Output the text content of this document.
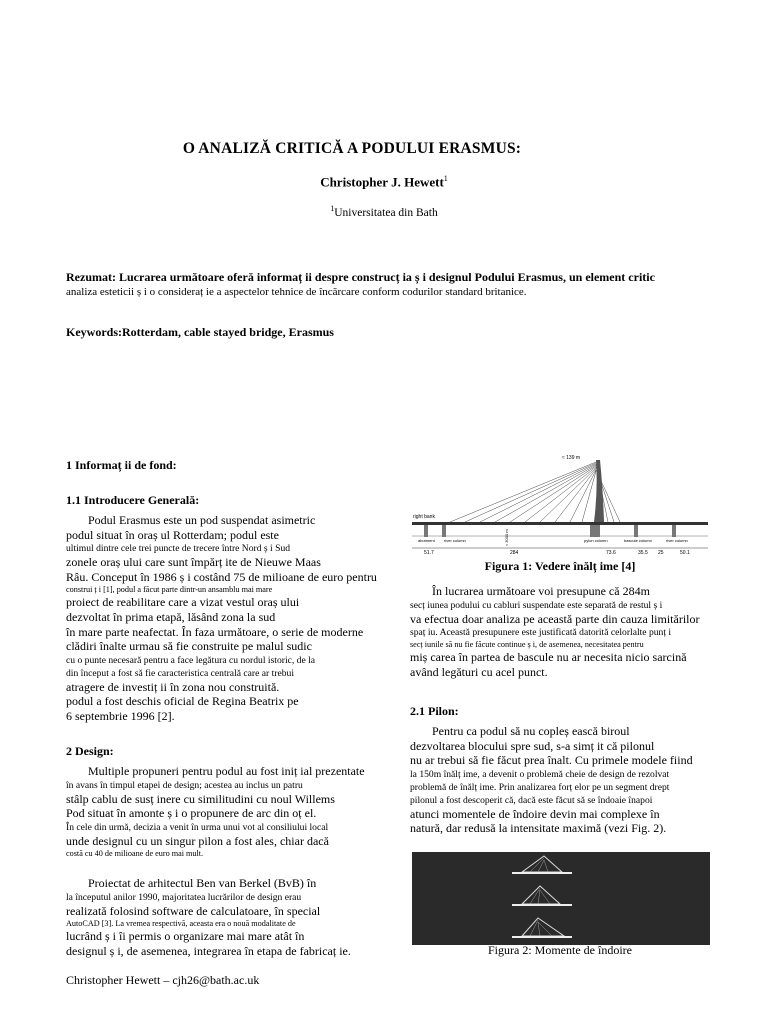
O ANALIZĂ CRITICĂ A PODULUI ERASMUS:
Christopher J. Hewett$^1$
$^1$Universitatea din Bath
Rezumat: Lucrarea următoare oferă informaț ii despre construcț ia ș i designul Podului Erasmus, un element critic
analiza esteticii ș i o consideraț ie a aspectelor tehnice de încărcare conform codurilor standard britanice.
Keywords:Rotterdam, cable stayed bridge, Erasmus
1 Informaț ii de fond:
1.1 Introducere Generală:
Podul Erasmus este un pod suspendat asimetric
podul situat în oraș ul Rotterdam; podul este
ultimul dintre cele trei puncte de trecere între Nord ș i Sud
zonele oraș ului care sunt împărț ite de Nieuwe Maas
Râu. Conceput în 1986 ș i costând 75 de milioane de euro pentru
construi ț i [1], podul a făcut parte dintr-un ansamblu mai mare
proiect de reabilitare care a vizat vestul oraș ului
dezvoltat în prima etapă, lăsând zona la sud
în mare parte neafectat. În faza următoare, o serie de moderne
clădiri înalte urmau să fie construite pe malul sudic
cu o punte necesară pentru a face legătura cu nordul istoric, de la
din început a fost să fie caracteristica centrală care ar trebui
atragere de investiț ii în zona nou construită.
podul a fost deschis oficial de Regina Beatrix pe
6 septembrie 1996 [2].
2 Design:
Multiple propuneri pentru podul au fost iniț ial prezentate
în avans în timpul etapei de design; acestea au inclus un patru
stâlp cablu de susț inere cu similitudini cu noul Willems
Pod situat în amonte ș i o propunere de arc din oț el.
În cele din urmă, decizia a venit în urma unui vot al consiliului local
unde designul cu un singur pilon a fost ales, chiar dacă
costă cu 40 de milioane de euro mai mult.
Proiectat de arhitectul Ben van Berkel (BvB) în
la începutul anilor 1990, majoritatea lucrărilor de design erau
realizată folosind software de calculatoare, în special
AutoCAD [3]. La vremea respectivă, aceasta era o nouă modalitate de
lucrând ș i îi permis o organizare mai mare atât în
designul ș i, de asemenea, integrarea în etapa de fabricaț ie.
≈ 139 m
right bank
abutment river column	pylon column	bascule column	river column
≈ 3000 m
51.7	284	73.6	35.5 25	50.1
Figura 1: Vedere înălț ime [4]
În lucrarea următoare voi presupune că 284m
secț iunea podului cu cabluri suspendate este separată de restul ș i
va efectua doar analiza pe această parte din cauza limitărilor
spaț iu. Această presupunere este justificată datorită celorlalte punț i
secț iunile să nu fie făcute continue ș i, de asemenea, necesitatea pentru
miș carea în partea de bascule nu ar necesita nicio sarcină
având legături cu acel punct.
2.1 Pilon:
Pentru ca podul să nu copleș ească biroul
dezvoltarea blocului spre sud, s-a simț it că pilonul
nu ar trebui să fie făcut prea înalt. Cu primele modele fiind
la 150m înălț ime, a devenit o problemă cheie de design de rezolvat
problemă de înălț ime. Prin analizarea forț elor pe un segment drept
pilonul a fost descoperit că, dacă este făcut să se îndoaie înapoi
atunci momentele de îndoire devin mai complexe în
natură, dar redusă la intensitate maximă (vezi Fig. 2).
Figura 2: Momente de îndoire
Christopher Hewett – cjh26@bath.ac.uk
